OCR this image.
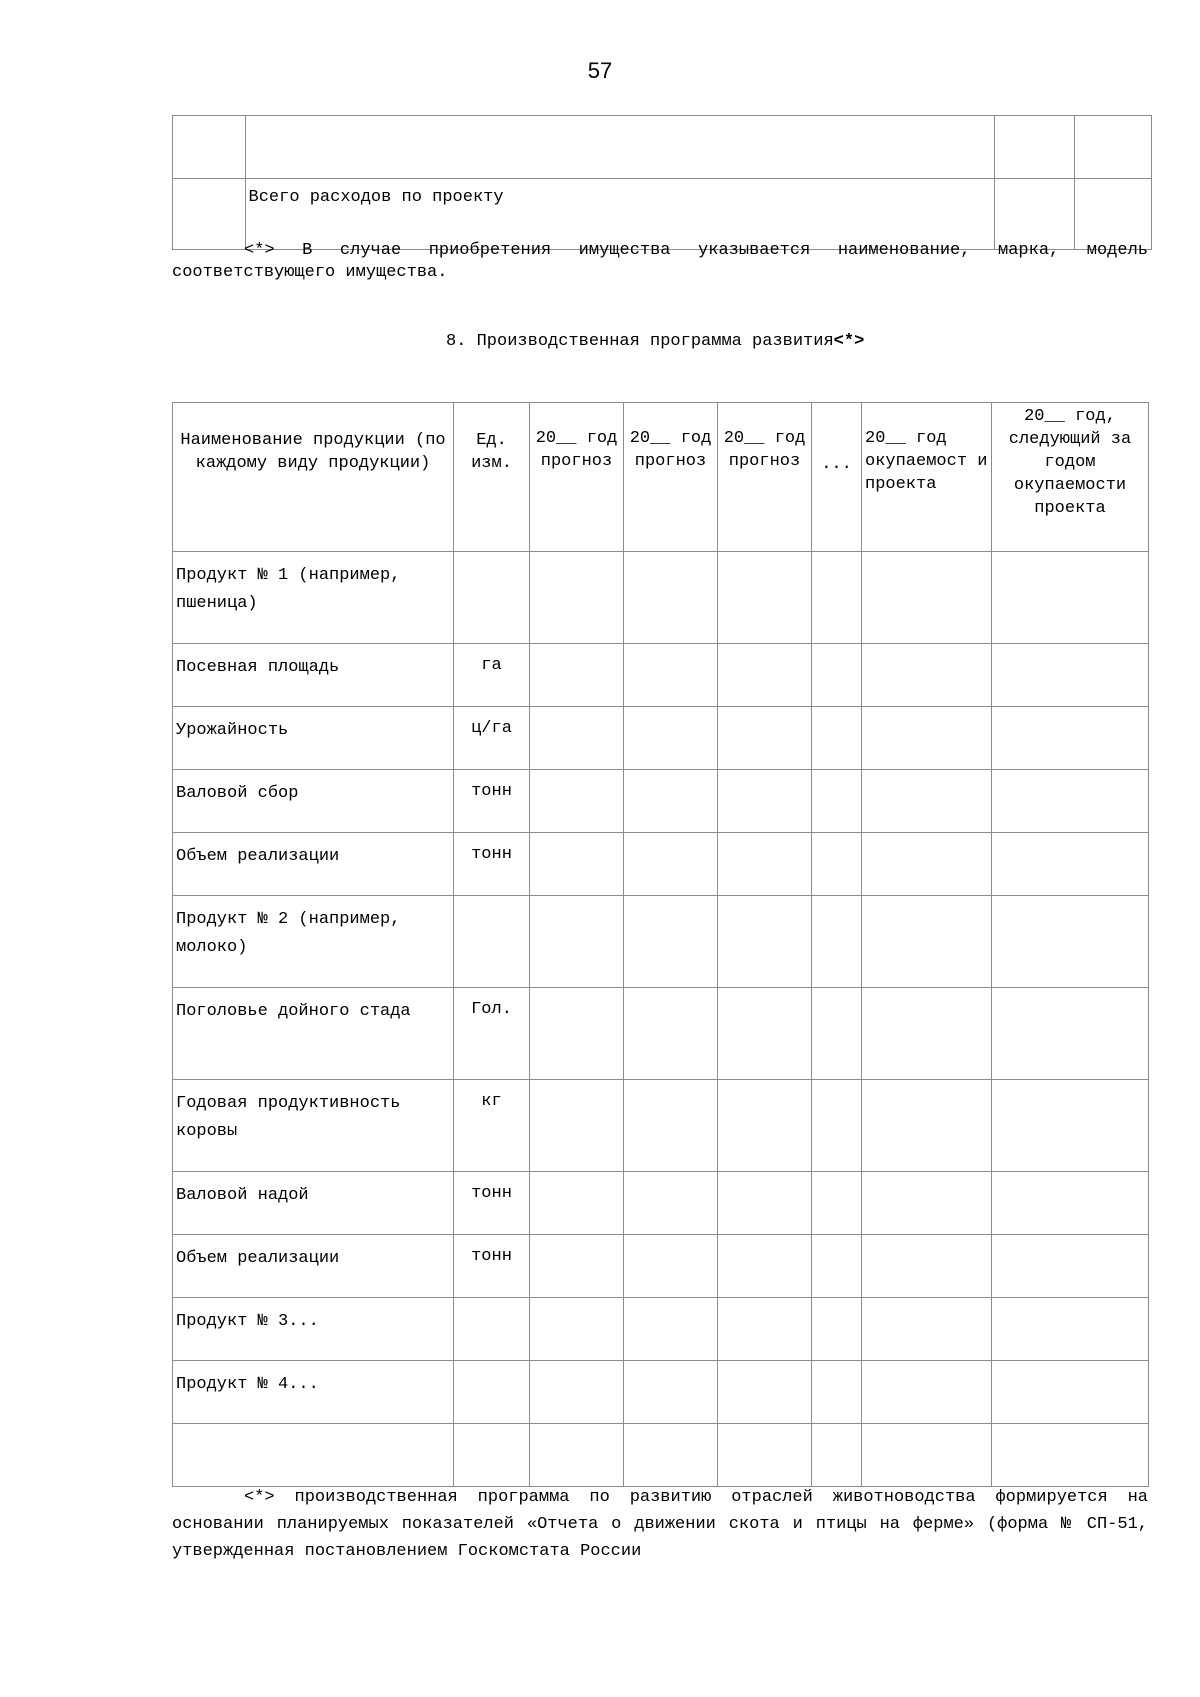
57

	Всего расходов по проекту		
<*> В случае приобретения имущества указывается наименование, марка, модель соответствующего имущества.
8. Производственная программа развития<*>
Наименование продукции (по каждому виду продукции)	Ед. изм.	20__ год прогноз	20__ год прогноз	20__ год прогноз	...	20__ год окупаемост и проекта	20__ год, следующий за годом окупаемости проекта

Продукт № 1 (например, пшеница)							

Посевная площадь	га						

Урожайность	ц/га						

Валовой сбор	тонн						

Объем реализации	тонн						

Продукт № 2 (например, молоко)							

Поголовье дойного стада	Гол.						

Годовая продуктивность коровы	кг						

Валовой надой	тонн						

Объем реализации	тонн						

Продукт № 3...							

Продукт № 4...							

<*> производственная программа по развитию отраслей животноводства формируется на основании планируемых показателей «Отчета о движении скота и птицы на ферме» (форма № СП-51, утвержденная постановлением Госкомстата России
